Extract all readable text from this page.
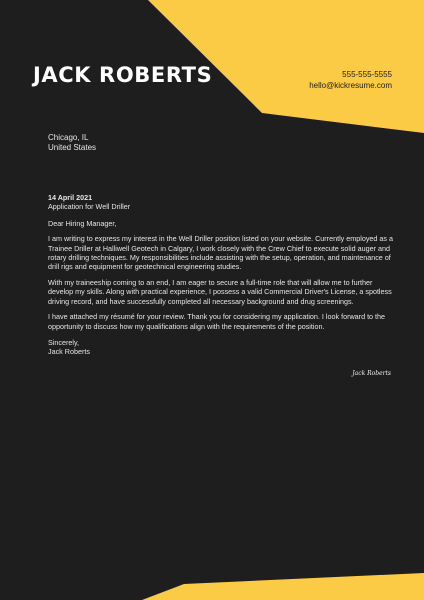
JACK ROBERTS	555-555-5555
hello@kickresume.com
Chicago, IL
United States
14 April 2021
Application for Well Driller

Dear Hiring Manager,

I am writing to express my interest in the Well Driller position listed on your website. Currently employed as a Trainee Driller at Halliwell Geotech in Calgary, I work closely with the Crew Chief to execute solid auger and rotary drilling techniques. My responsibilities include assisting with the setup, operation, and maintenance of drill rigs and equipment for geotechnical engineering studies.

With my traineeship coming to an end, I am eager to secure a full-time role that will allow me to further develop my skills. Along with practical experience, I possess a valid Commercial Driver's License, a spotless driving record, and have successfully completed all necessary background and drug screenings.

I have attached my résumé for your review. Thank you for considering my application. I look forward to the opportunity to discuss how my qualifications align with the requirements of the position.

Sincerely,
Jack Roberts
Jack Roberts
